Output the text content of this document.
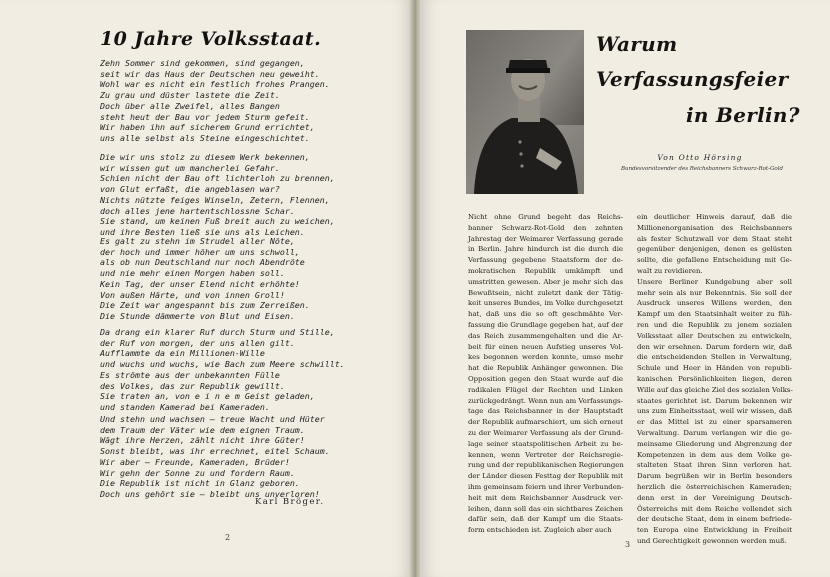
10 Jahre Volksstaat.
Zehn Sommer sind gekommen, sind gegangen,
seit wir das Haus der Deutschen neu geweiht.
Wohl war es nicht ein festlich frohes Prangen.
Zu grau und düster lastete die Zeit.
Doch über alle Zweifel, alles Bangen
steht heut der Bau vor jedem Sturm gefeit.
Wir haben ihn auf sicherem Grund errichtet,
uns alle selbst als Steine eingeschichtet.
Die wir uns stolz zu diesem Werk bekennen,
wir wissen gut um mancherlei Gefahr.
Schien nicht der Bau oft lichterloh zu brennen,
von Glut erfaßt, die angeblasen war?
Nichts nützte feiges Winseln, Zetern, Flennen,
doch alles jene hartentschlossne Schar.
Sie stand, um keinen Fuß breit auch zu weichen,
und ihre Besten ließ sie uns als Leichen.
Es galt zu stehn im Strudel aller Nöte,
der hoch und immer höher um uns schwoll,
als ob nun Deutschland nur noch Abendröte
und nie mehr einen Morgen haben soll.
Kein Tag, der unser Elend nicht erhöhte!
Von außen Härte, und von innen Groll!
Die Zeit war angespannt bis zum Zerreißen.
Die Stunde dämmerte von Blut und Eisen.
Da drang ein klarer Ruf durch Sturm und Stille,
der Ruf von morgen, der uns allen gilt.
Aufflammte da ein Millionen-Wille
und wuchs und wuchs, wie Bach zum Meere schwillt.
Es strömte aus der unbekannten Fülle
des Volkes, das zur Republik gewillt.
Sie traten an, von e i n e m Geist geladen,
und standen Kamerad bei Kameraden.
Und stehn und wachsen — treue Wacht und Hüter
dem Traum der Väter wie dem eignen Traum.
Wägt ihre Herzen, zählt nicht ihre Güter!
Sonst bleibt, was ihr errechnet, eitel Schaum.
Wir aber — Freunde, Kameraden, Brüder!
Wir gehn der Sonne zu und fordern Raum.
Die Republik ist nicht in Glanz geboren.
Doch uns gehört sie — bleibt uns unverloren!
Karl Bröger.
2
Warum
Verfassungsfeier
in Berlin?
Von Otto Hörsing
Bundesvorsitzender des Reichsbanners Schwarz-Rot-Gold
Nicht ohne Grund begeht das Reichs-
banner Schwarz-Rot-Gold den zehnten
Jahrestag der Weimarer Verfassung gerade
in Berlin. Jahre hindurch ist die durch die
Verfassung gegebene Staatsform der de-
mokratischen Republik umkämpft und
umstritten gewesen. Aber je mehr sich das
Bewußtsein, nicht zuletzt dank der Tätig-
keit unseres Bundes, im Volke durchgesetzt
hat, daß uns die so oft geschmähte Ver-
fassung die Grundlage gegeben hat, auf der
das Reich zusammengehalten und die Ar-
beit für einen neuen Aufstieg unseres Vol-
kes begonnen werden konnte, umso mehr
hat die Republik Anhänger gewonnen. Die
Opposition gegen den Staat wurde auf die
radikalen Flügel der Rechten und Linken
zurückgedrängt. Wenn nun am Verfassungs-
tage das Reichsbanner in der Hauptstadt
der Republik aufmarschiert, um sich erneut
zu der Weimarer Verfassung als der Grund-
lage seiner staatspolitischen Arbeit zu be-
kennen, wenn Vertreter der Reichsregie-
rung und der republikanischen Regierungen
der Länder diesen Festtag der Republik mit
ihm gemeinsam feiern und ihrer Verbunden-
heit mit dem Reichsbanner Ausdruck ver-
leihen, dann soll das ein sichtbares Zeichen
dafür sein, daß der Kampf um die Staats-
form entschieden ist. Zugleich aber auch
ein deutlicher Hinweis darauf, daß die
Millionenorganisation des Reichsbanners
als fester Schutzwall vor dem Staat steht
gegenüber denjenigen, denen es gelüsten
sollte, die gefallene Entscheidung mit Ge-
walt zu revidieren.
Unsere Berliner Kundgebung aber soll
mehr sein als nur Bekenntnis. Sie soll der
Ausdruck unseres Willens werden, den
Kampf um den Staatsinhalt weiter zu füh-
ren und die Republik zu jenem sozialen
Volksstaat aller Deutschen zu entwickeln,
den wir ersehnen. Darum fordern wir, daß
die entscheidenden Stellen in Verwaltung,
Schule und Heer in Händen von republi-
kanischen Persönlichkeiten liegen, deren
Wille auf das gleiche Ziel des sozialen Volks-
staates gerichtet ist. Darum bekennen wir
uns zum Einheitsstaat, weil wir wissen, daß
er das Mittel ist zu einer sparsameren
Verwaltung. Darum verlangen wir die ge-
meinsame Gliederung und Abgrenzung der
Kompetenzen in dem aus dem Volke ge-
stalteten Staat ihren Sinn verloren hat.
Darum begrüßen wir in Berlin besonders
herzlich die österreichischen Kameraden;
denn erst in der Vereinigung Deutsch-
Österreichs mit dem Reiche vollendet sich
der deutsche Staat, dem in einem befriede-
ten Europa eine Entwicklung in Freiheit
und Gerechtigkeit gewonnen werden muß.
3
